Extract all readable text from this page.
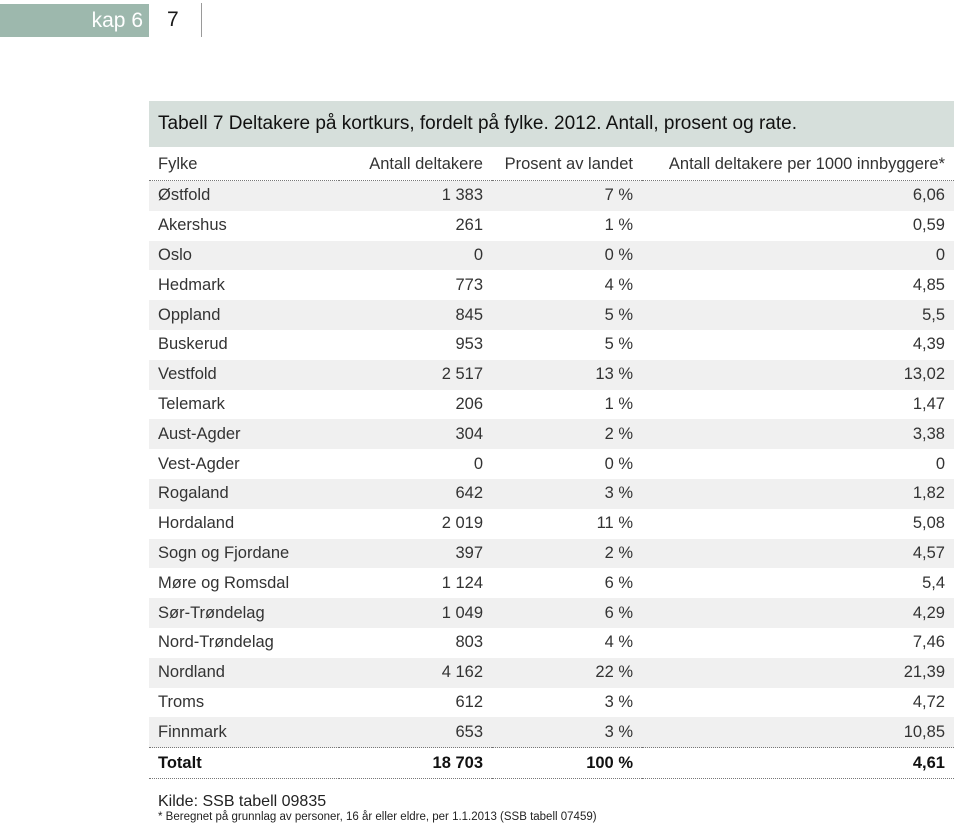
kap 6 7
Tabell 7 Deltakere på kortkurs, fordelt på fylke. 2012. Antall, prosent og rate.
Fylke	Antall deltakere	Prosent av landet	Antall deltakere per 1000 innbyggere*
Østfold	1 383	7 %	6,06
Akershus	261	1 %	0,59
Oslo	0	0 %	0
Hedmark	773	4 %	4,85
Oppland	845	5 %	5,5
Buskerud	953	5 %	4,39
Vestfold	2 517	13 %	13,02
Telemark	206	1 %	1,47
Aust-Agder	304	2 %	3,38
Vest-Agder	0	0 %	0
Rogaland	642	3 %	1,82
Hordaland	2 019	11 %	5,08
Sogn og Fjordane	397	2 %	4,57
Møre og Romsdal	1 124	6 %	5,4
Sør-Trøndelag	1 049	6 %	4,29
Nord-Trøndelag	803	4 %	7,46
Nordland	4 162	22 %	21,39
Troms	612	3 %	4,72
Finnmark	653	3 %	10,85
Totalt	18 703	100 %	4,61
Kilde: SSB tabell 09835
* Beregnet på grunnlag av personer, 16 år eller eldre, per 1.1.2013 (SSB tabell 07459)
